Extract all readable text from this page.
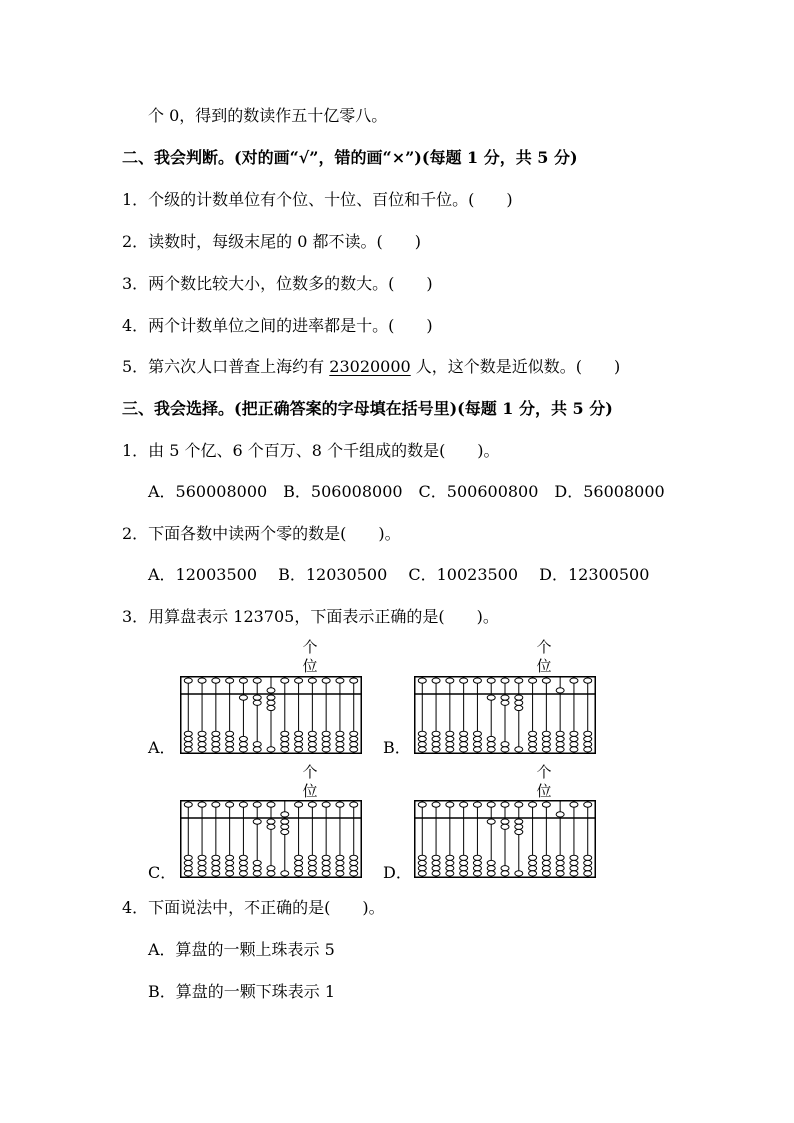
个 0，得到的数读作五十亿零八。
二、我会判断。(对的画“√”，错的画“×”)(每题 1 分，共 5 分)
1．个级的计数单位有个位、十位、百位和千位。(　　)
2．读数时，每级末尾的 0 都不读。(　　)
3．两个数比较大小，位数多的数大。(　　)
4．两个计数单位之间的进率都是十。(　　)
5．第六次人口普查上海约有 23020000 人，这个数是近似数。(　　)
三、我会选择。(把正确答案的字母填在括号里)(每题 1 分，共 5 分)
1．由 5 个亿、6 个百万、8 个千组成的数是(　　)。
A．560008000　B．506008000　C．500600800　D．56008000
2．下面各数中读两个零的数是(　　)。
A．12003500　 B．12030500　 C．10023500　 D．12300500
3．用算盘表示 123705，下面表示正确的是(　　)。
个
位
A．
个
位
B．
个
位
C．
个
位
D．
4．下面说法中，不正确的是(　　)。
A．算盘的一颗上珠表示 5
B．算盘的一颗下珠表示 1
